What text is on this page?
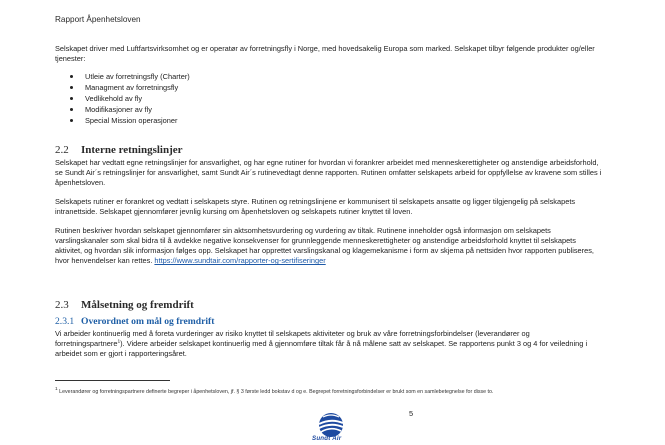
Rapport Åpenhetsloven
Selskapet driver med Luftfartsvirksomhet og er operatør av forretningsfly i Norge, med hovedsakelig Europa som marked. Selskapet tilbyr følgende produkter og/eller
tjenester:
Utleie av forretningsfly (Charter)
Managment av forretningsfly
Vedlikehold av fly
Modifikasjoner av fly
Special Mission operasjoner
2.2 Interne retningslinjer
Selskapet har vedtatt egne retningslinjer for ansvarlighet, og har egne rutiner for hvordan vi forankrer arbeidet med menneskerettigheter og anstendige arbeidsforhold,
se Sundt Air´s retningslinjer for ansvarlighet, samt Sundt Air´s rutinevedtagt denne rapporten. Rutinen omfatter selskapets arbeid for oppfyllelse av kravene som stilles i
åpenhetsloven.
Selskapets rutiner er forankret og vedtatt i selskapets styre. Rutinen og retningslinjene er kommunisert til selskapets ansatte og ligger tilgjengelig på selskapets
intranettside. Selskapet gjennomfører jevnlig kursing om åpenhetsloven og selskapets rutiner knyttet til loven.
Rutinen beskriver hvordan selskapet gjennomfører sin aktsomhetsvurdering og vurdering av tiltak. Rutinene inneholder også informasjon om selskapets
varslingskanaler som skal bidra til å avdekke negative konsekvenser for grunnleggende menneskerettigheter og anstendige arbeidsforhold knyttet til selskapets
aktivitet, og hvordan slik informasjon følges opp. Selskapet har opprettet varslingskanal og klagemekanisme i form av skjema på nettsiden hvor rapporten publiseres,
hvor henvendelser kan rettes. https://www.sundtair.com/rapporter-og-sertifiseringer
2.3 Målsetning og fremdrift
2.3.1 Overordnet om mål og fremdrift
Vi arbeider kontinuerlig med å foreta vurderinger av risiko knyttet til selskapets aktiviteter og bruk av våre forretningsforbindelser (leverandører og
forretningspartnere$^1$). Videre arbeider selskapet kontinuerlig med å gjennomføre tiltak får å nå målene satt av selskapet. Se rapportens punkt 3 og 4 for veiledning i
arbeidet som er gjort i rapporteringsåret.
$^1$ Leverandører og forretningspartnere definerte begreper i åpenhetsloven, jf. § 3 første ledd bokstav d og e. Begrepet forretningsforbindelser er brukt som en samlebetegnelse for disse to.
5
Sundt Air
